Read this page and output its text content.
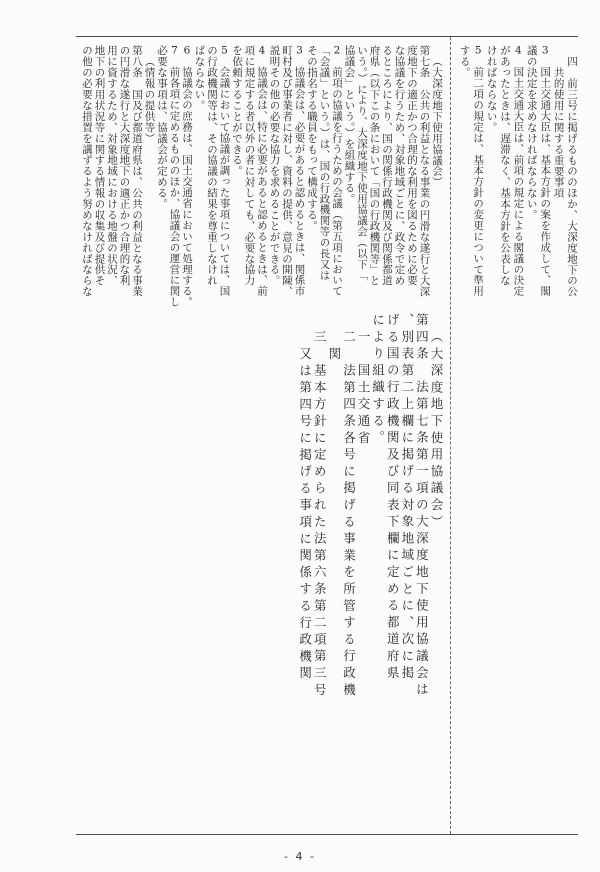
四　前三号に掲げるもののほか、大深度地下の公
共的使用に関する重要事項
3　国土交通大臣は、基本方針の案を作成して、閣
議の決定を求めなければならない。
4　国土交通大臣は、前項の規定による閣議の決定
があったときは、遅滞なく、基本方針を公表しな
ければならない。
5　前二項の規定は、基本方針の変更について準用
する。
（大深度地下使用協議会）
第七条　公共の利益となる事業の円滑な遂行と大深
度地下の適正かつ合理的な利用を図るために必要
な協議を行うため、対象地域ごとに、政令で定め
るところにより、国の関係行政機関及び関係都道
府県（以下この条において「国の行政機関等」と
いう。）により、大深度地下使用協議会（以下「
協議会」という。）を組織する。
2　前項の協議を行うための会議（第五項において
「会議」という。）は、国の行政機関等の長又は
その指名する職員をもって構成する。
3　協議会は、必要があると認めるときは、関係市
町村及び事業者に対し、資料の提供、意見の開陳、
説明その他の必要な協力を求めることができる。
4　協議会は、特に必要があると認めるときは、前
項に規定する者以外の者に対しても、必要な協力
を依頼することができる。
5　会議において協議が調った事項については、国
の行政機関等は、その協議の結果を尊重しなけれ
ばならない。
6　協議会の庶務は、国土交通省において処理する。
7　前各項に定めるもののほか、協議会の運営に関し
必要な事項は、協議会が定める。
（情報の提供等）
第八条　国及び都道府県は、公共の利益となる事業
の円滑な遂行と大深度地下の適正かつ合理的な利
用に資するため、対象地域における地盤の状況、
地下の利用状況等に関する情報の収集及び提供そ
の他の必要な措置を講ずるよう努めなければならな
（大深度地下使用協議会）
第四条　法第七条第一項の大深度地下使用協議会は
、別表第二上欄に掲げる対象地域ごとに、次に掲
げる国の行政機関及び同表下欄に定める都道府県
により組織する。
一　国土交通省
二　法第四条各号に掲げる事業を所管する行政機
関
三　基本方針に定められた法第六条第二項第三号
又は第四号に掲げる事項に関係する行政機関
- 4 -
